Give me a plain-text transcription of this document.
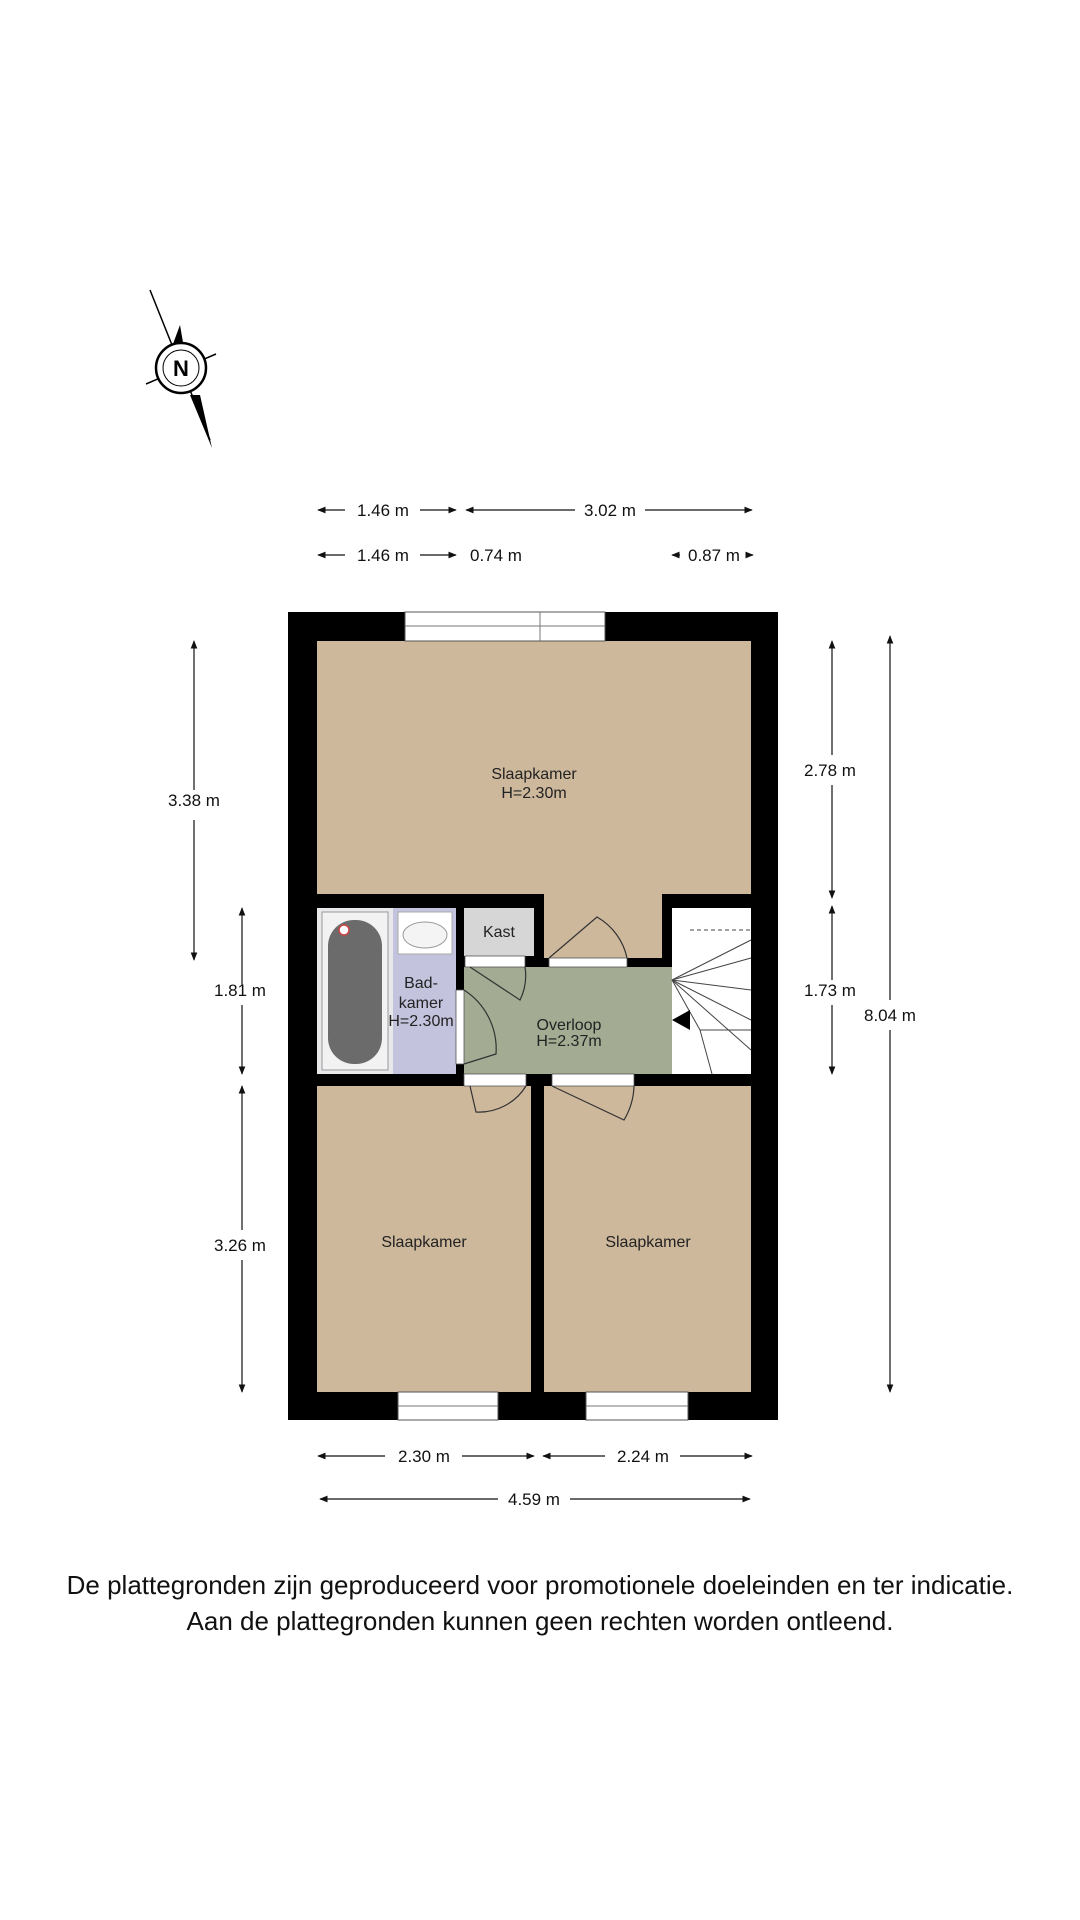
N
Slaapkamer
H=2.30m
Bad-
kamer
H=2.30m
Kast
Overloop
H=2.37m
Slaapkamer	Slaapkamer
1.46 m	3.02 m
1.46 m	0.74 m	0.87 m
3.38 m
1.81 m
3.26 m
2.78 m
1.73 m
8.04 m
2.30 m	2.24 m
4.59 m
De plattegronden zijn geproduceerd voor promotionele doeleinden en ter indicatie.
Aan de plattegronden kunnen geen rechten worden ontleend.
